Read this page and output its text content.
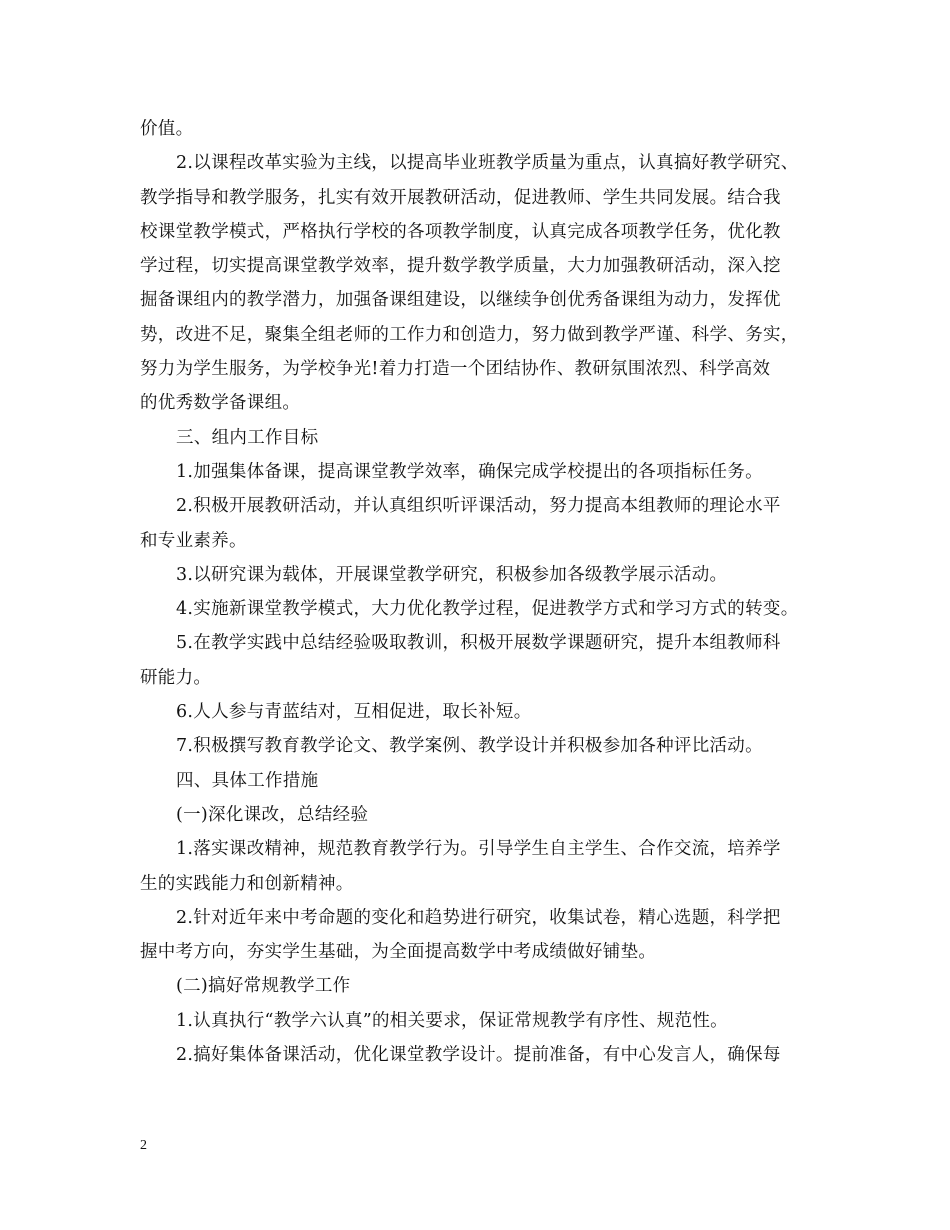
价值。
2.以课程改革实验为主线，以提高毕业班教学质量为重点，认真搞好教学研究、
教学指导和教学服务，扎实有效开展教研活动，促进教师、学生共同发展。结合我
校课堂教学模式，严格执行学校的各项教学制度，认真完成各项教学任务，优化教
学过程，切实提高课堂教学效率，提升数学教学质量，大力加强教研活动，深入挖
掘备课组内的教学潜力，加强备课组建设，以继续争创优秀备课组为动力，发挥优
势，改进不足，聚集全组老师的工作力和创造力，努力做到教学严谨、科学、务实，
努力为学生服务，为学校争光!着力打造一个团结协作、教研氛围浓烈、科学高效
的优秀数学备课组。
三、组内工作目标
1.加强集体备课，提高课堂教学效率，确保完成学校提出的各项指标任务。
2.积极开展教研活动，并认真组织听评课活动，努力提高本组教师的理论水平
和专业素养。
3.以研究课为载体，开展课堂教学研究，积极参加各级教学展示活动。
4.实施新课堂教学模式，大力优化教学过程，促进教学方式和学习方式的转变。
5.在教学实践中总结经验吸取教训，积极开展数学课题研究，提升本组教师科
研能力。
6.人人参与青蓝结对，互相促进，取长补短。
7.积极撰写教育教学论文、教学案例、教学设计并积极参加各种评比活动。
四、具体工作措施
(一)深化课改，总结经验
1.落实课改精神，规范教育教学行为。引导学生自主学生、合作交流，培养学
生的实践能力和创新精神。
2.针对近年来中考命题的变化和趋势进行研究，收集试卷，精心选题，科学把
握中考方向，夯实学生基础，为全面提高数学中考成绩做好铺垫。
(二)搞好常规教学工作
1.认真执行“教学六认真”的相关要求，保证常规教学有序性、规范性。
2.搞好集体备课活动，优化课堂教学设计。提前准备，有中心发言人，确保每
2
